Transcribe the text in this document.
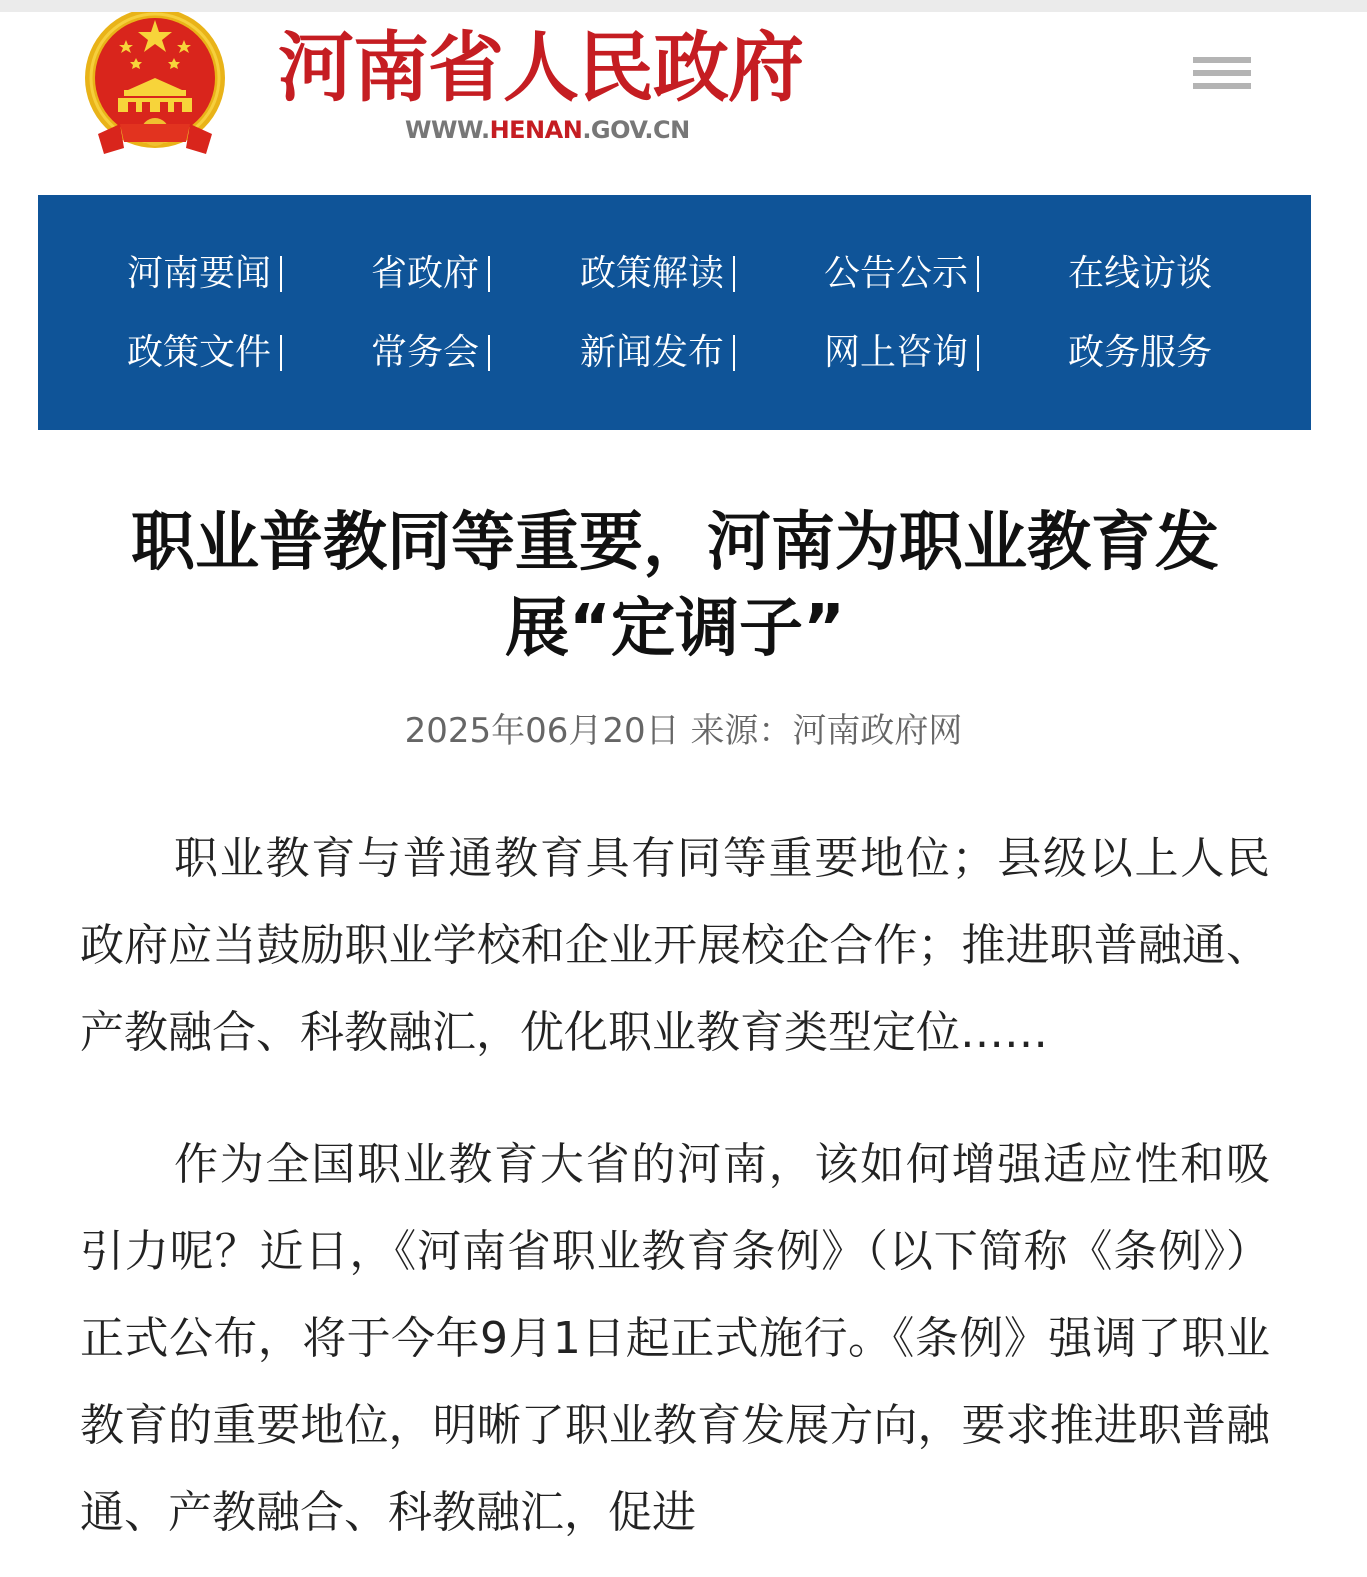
河南省人民政府
WWW.HENAN.GOV.CN
河南要闻	省政府	政策解读	公告公示	在线访谈
政策文件	常务会	新闻发布	网上咨询	政务服务
职业普教同等重要，河南为职业教育发展“定调子”
2025年06月20日 来源：河南政府网

职业教育与普通教育具有同等重要地位；县级以上人民政府应当鼓励职业学校和企业开展校企合作；推进职普融通、产教融合、科教融汇，优化职业教育类型定位……

作为全国职业教育大省的河南，该如何增强适应性和吸引力呢？近日，《河南省职业教育条例》（以下简称《条例》）正式公布，将于今年9月1日起正式施行。《条例》强调了职业教育的重要地位，明晰了职业教育发展方向，要求推进职普融通、产教融合、科教融汇，促进
